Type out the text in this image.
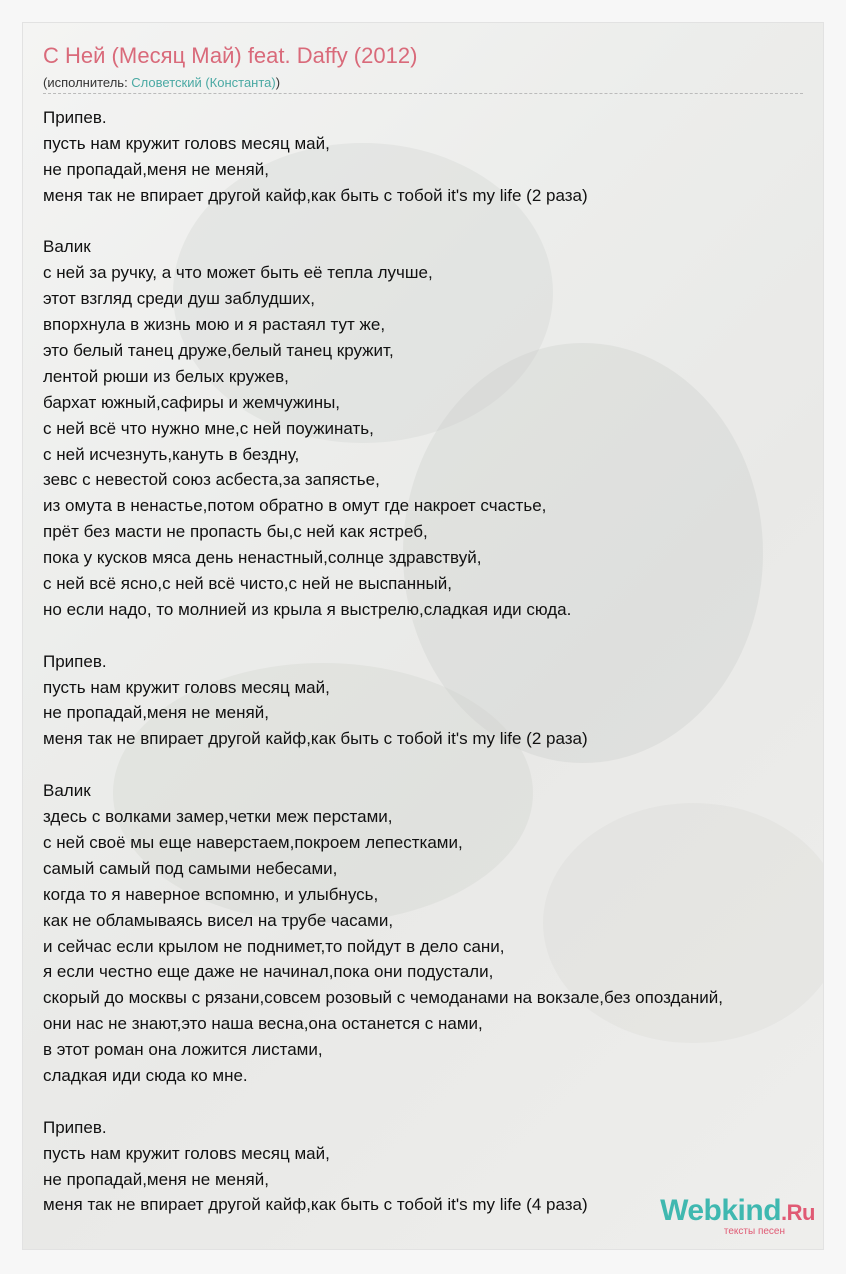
С Ней (Месяц Май) feat. Daffy (2012)
(исполнитель: Словетский (Константа))
Припев.
пусть нам кружит головs месяц май,
не пропадай,меня не меняй,
меня так не впирает другой кайф,как быть с тобой it's my life (2 раза)
Валик
с ней за ручку, а что может быть её тепла лучше,
этот взгляд среди душ заблудших,
впорхнула в жизнь мою и я растаял тут же,
это белый танец друже,белый танец кружит,
лентой рюши из белых кружев,
бархат южный,сафиры и жемчужины,
с ней всё что нужно мне,с ней поужинать,
с ней исчезнуть,кануть в бездну,
зевс с невестой союз асбеста,за запястье,
из омута в ненастье,потом обратно в омут где накроет счастье,
прёт без масти не пропасть бы,с ней как ястреб,
пока у кусков мяса день ненастный,солнце здравствуй,
с ней всё ясно,с ней всё чисто,с ней не выспанный,
но если надо, то молнией из крыла я выстрелю,сладкая иди сюда.
Припев.
пусть нам кружит головs месяц май,
не пропадай,меня не меняй,
меня так не впирает другой кайф,как быть с тобой it's my life (2 раза)
Валик
здесь с волками замер,четки меж перстами,
с ней своё мы еще наверстаем,покроем лепестками,
самый самый под самыми небесами,
когда то я наверное вспомню, и улыбнусь,
как не обламываясь висел на трубе часами,
и сейчас если крылом не поднимет,то пойдут в дело сани,
я если честно еще даже не начинал,пока они подустали,
скорый до москвы с рязани,совсем розовый с чемоданами на вокзале,без опозданий,
они нас не знают,это наша весна,она останется с нами,
в этот роман она ложится листами,
сладкая иди сюда ко мне.
Припев.
пусть нам кружит головs месяц май,
не пропадай,меня не меняй,
меня так не впирает другой кайф,как быть с тобой it's my life (4 раза)	Webkind.Ru
тексты песен
